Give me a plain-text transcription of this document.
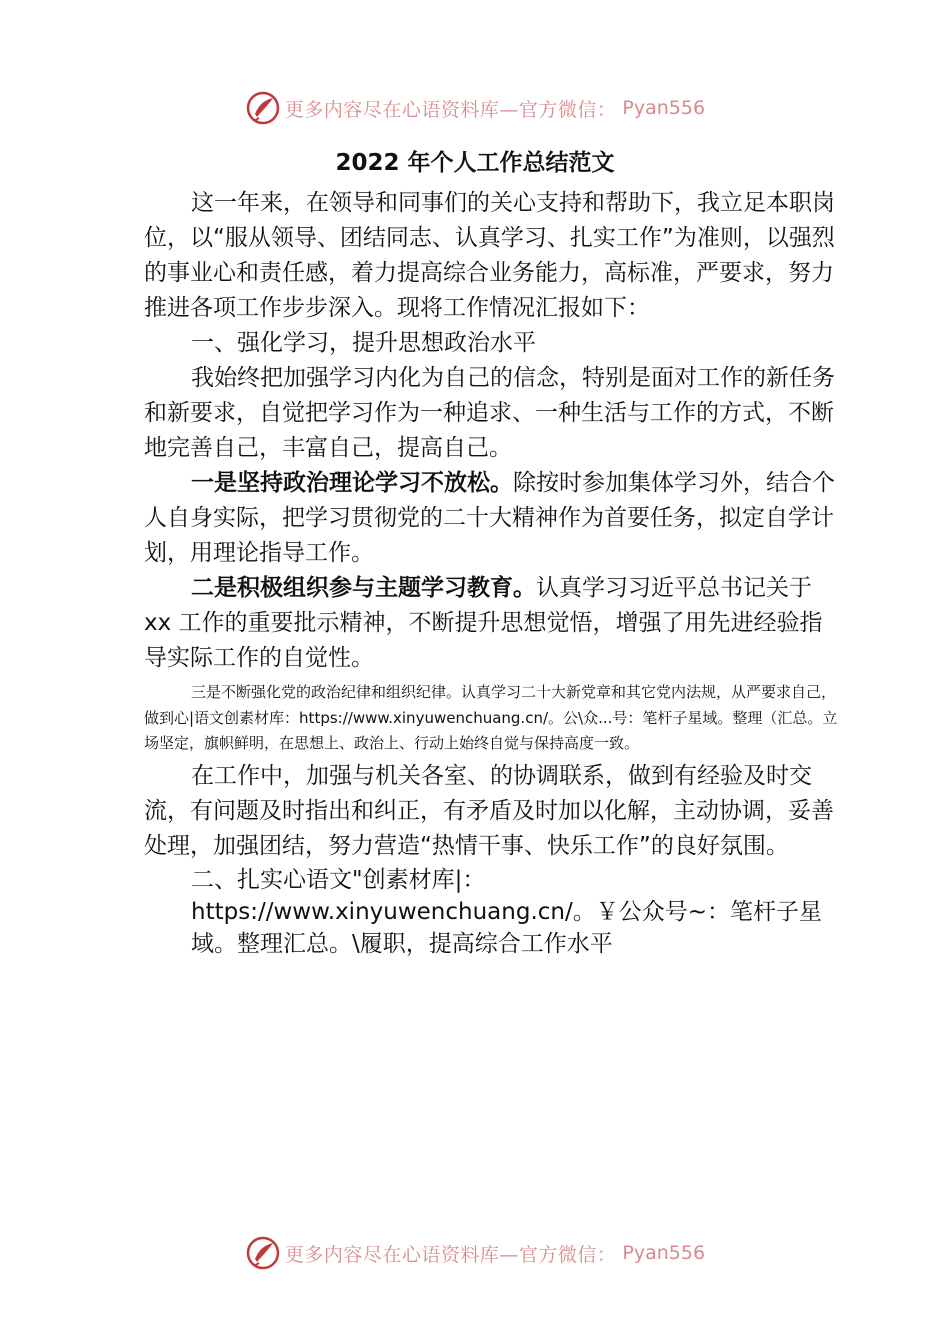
更多内容尽在心语资料库—官方微信： Pyan556
2022 年个人工作总结范文

这一年来，在领导和同事们的关心支持和帮助下，我立足本职岗位，以“服从领导、团结同志、认真学习、扎实工作”为准则，以强烈的事业心和责任感，着力提高综合业务能力，高标准，严要求，努力推进各项工作步步深入。现将工作情况汇报如下：

一、强化学习，提升思想政治水平

我始终把加强学习内化为自己的信念，特别是面对工作的新任务和新要求，自觉把学习作为一种追求、一种生活与工作的方式，不断地完善自己，丰富自己，提高自己。

一是坚持政治理论学习不放松。除按时参加集体学习外，结合个人自身实际，把学习贯彻党的二十大精神作为首要任务，拟定自学计划，用理论指导工作。

二是积极组织参与主题学习教育。认真学习习近平总书记关于 xx 工作的重要批示精神，不断提升思想觉悟，增强了用先进经验指导实际工作的自觉性。

三是不断强化党的政治纪律和组织纪律。认真学习二十大新党章和其它党内法规，从严要求自己，做到心|语文创素材库：https://www.xinyuwenchuang.cn/。公\众...号：笔杆子星域。整理（汇总。立场坚定，旗帜鲜明，在思想上、政治上、行动上始终自觉与保持高度一致。

在工作中，加强与机关各室、的协调联系，做到有经验及时交流，有问题及时指出和纠正，有矛盾及时加以化解，主动协调，妥善处理，加强团结，努力营造“热情干事、快乐工作”的良好氛围。

二、扎实心语文"创素材库|：https://www.xinyuwenchuang.cn/。￥公众号~：笔杆子星域。整理汇总。\履职，提高综合工作水平

更多内容尽在心语资料库—官方微信： Pyan556
